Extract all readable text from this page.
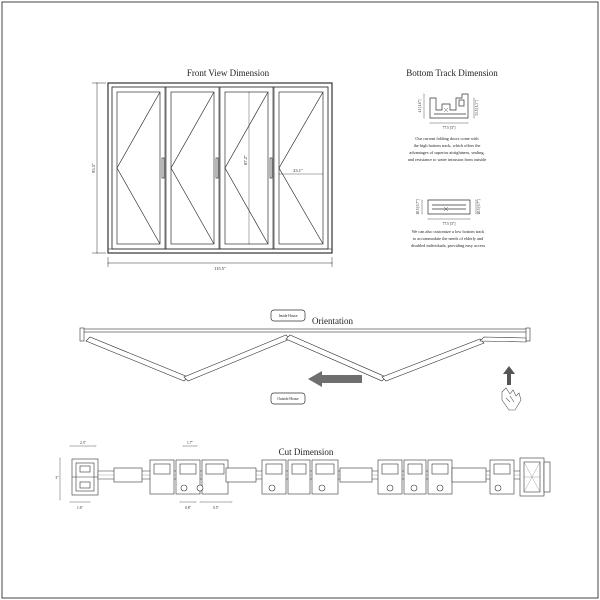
Front View Dimension
115.5"
95.5"
87.2"
23.1"
Bottom Track Dimension
41 [1.6"]	33.5 [1.3"]
77.5 [3"]
Our current folding doors come with
the high bottom track, which offers the
advantages of superior airtightness, sealing,
and resistance to water intrusion from outside
18.5 [0.7"]	18.5 [0.7"]
77.5 [3"]
We can also customize a low bottom track
to accommodate the needs of elderly and
disabled individuals, providing easy access
Inside House Orientation
Outside House
Cut Dimension
2.3"	1.7"
3"
1.6"	0.8"	0.5"
